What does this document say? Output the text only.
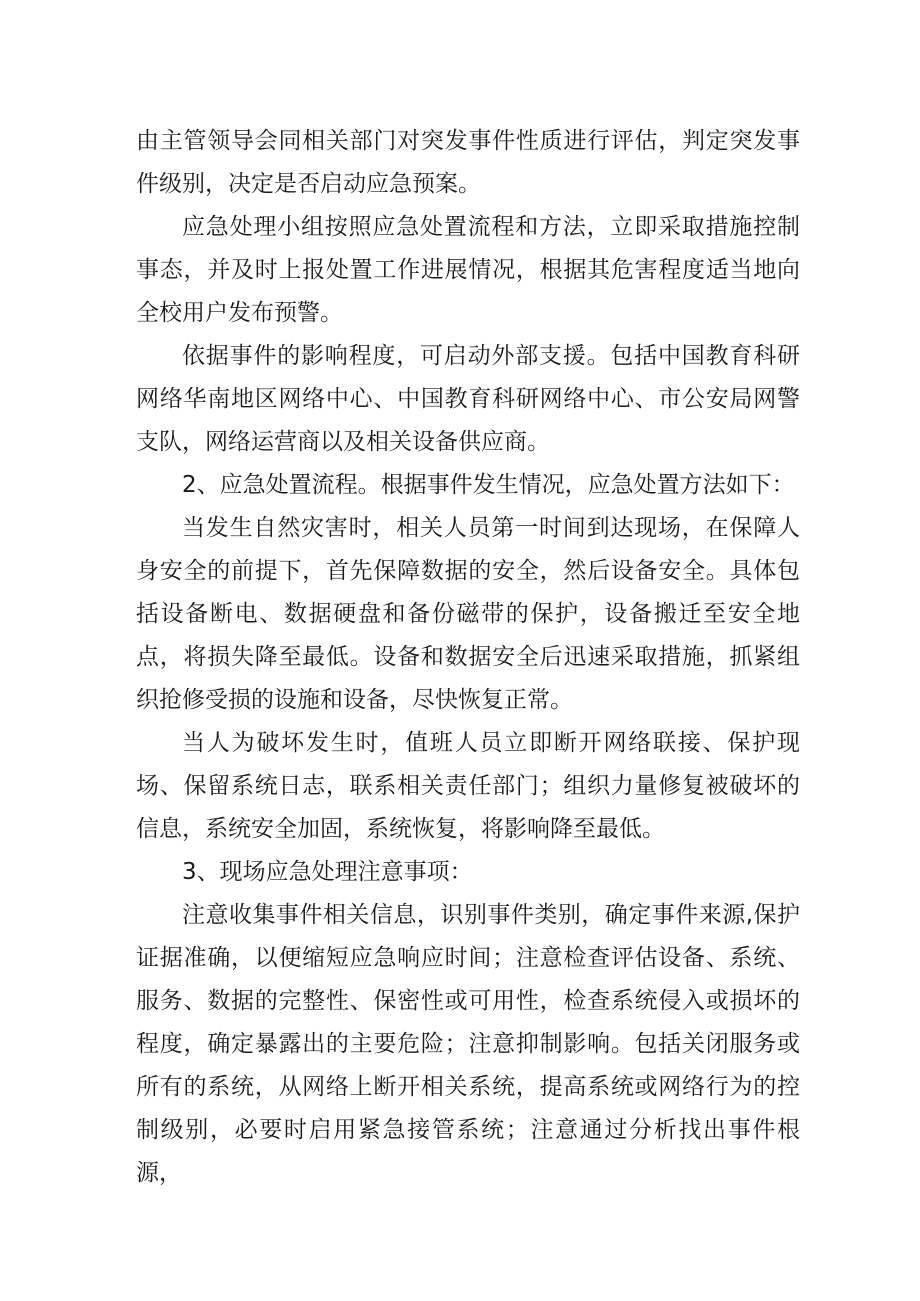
由主管领导会同相关部门对突发事件性质进行评估，判定突发事件级别，决定是否启动应急预案。

应急处理小组按照应急处置流程和方法，立即采取措施控制事态，并及时上报处置工作进展情况，根据其危害程度适当地向全校用户发布预警。

依据事件的影响程度，可启动外部支援。包括中国教育科研网络华南地区网络中心、中国教育科研网络中心、市公安局网警支队，网络运营商以及相关设备供应商。

2、应急处置流程。根据事件发生情况，应急处置方法如下：

当发生自然灾害时，相关人员第一时间到达现场，在保障人身安全的前提下，首先保障数据的安全，然后设备安全。具体包括设备断电、数据硬盘和备份磁带的保护，设备搬迁至安全地点，将损失降至最低。设备和数据安全后迅速采取措施，抓紧组织抢修受损的设施和设备，尽快恢复正常。

当人为破坏发生时，值班人员立即断开网络联接、保护现场、保留系统日志，联系相关责任部门；组织力量修复被破坏的信息，系统安全加固，系统恢复，将影响降至最低。

3、现场应急处理注意事项：

注意收集事件相关信息，识别事件类别，确定事件来源,保护证据准确，以便缩短应急响应时间；注意检查评估设备、系统、服务、数据的完整性、保密性或可用性，检查系统侵入或损坏的程度，确定暴露出的主要危险；注意抑制影响。包括关闭服务或所有的系统，从网络上断开相关系统，提高系统或网络行为的控制级别，必要时启用紧急接管系统；注意通过分析找出事件根源，
